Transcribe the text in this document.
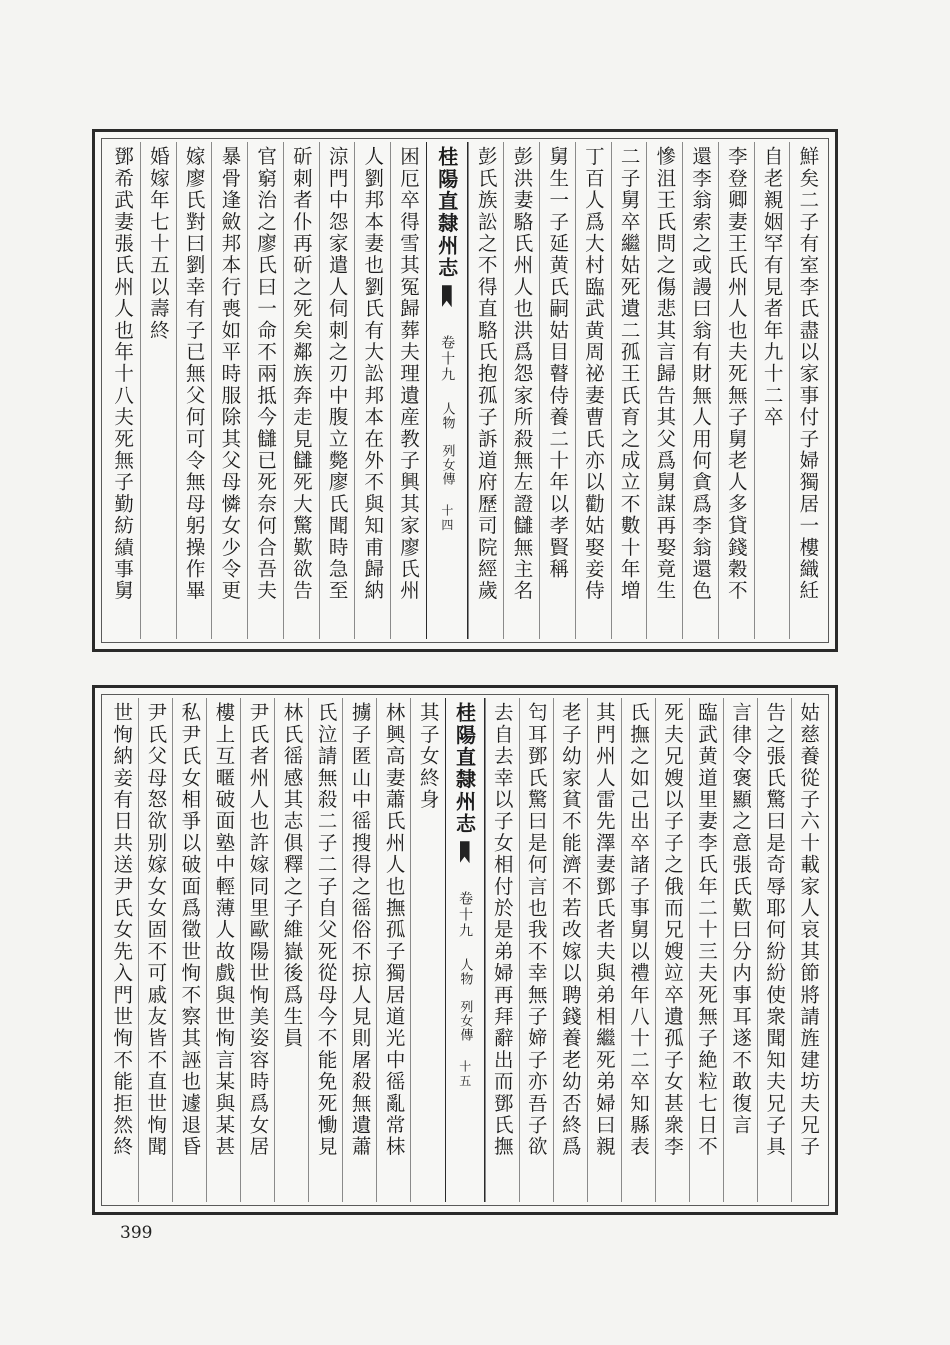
鮮矣二子有室李氏盡以家事付子婦獨居一樓織紝
自老親姻罕有見者年九十二卒
李登卿妻王氏州人也夫死無子舅老人多貸錢穀不
還李翁索之或謾曰翁有財無人用何貪爲李翁還色
慘沮王氏問之傷悲其言歸告其父爲舅謀再娶竟生
二子舅卒繼姑死遺二孤王氏育之成立不數十年増
丁百人爲大村臨武黄周祕妻曹氏亦以勸姑娶妾侍
舅生一子延黄氏嗣姑目瞽侍養二十年以孝賢稱
彭洪妻駱氏州人也洪爲怨家所殺無左證讎無主名
彭氏族訟之不得直駱氏抱孤子訴道府歷司院經歲
桂陽直隸州志
卷十九
人物　列女傳
十四
困厄卒得雪其冤歸葬夫理遺産教子興其家廖氏州
人劉邦本妻也劉氏有大訟邦本在外不與知甫歸納
涼門中怨家遣人伺刺之刃中腹立斃廖氏聞時急至
斫刺者仆再斫之死矣鄰族奔走見讎死大驚歎欲告
官窮治之廖氏曰一命不兩抵今讎已死奈何合吾夫
暴骨逢斂邦本行喪如平時服除其父母憐女少令更
嫁廖氏對曰劉幸有子已無父何可令無母躬操作畢
婚嫁年七十五以壽終
鄧希武妻張氏州人也年十八夫死無子勤紡績事舅
姑慈養從子六十載家人哀其節將請旌建坊夫兄子
告之張氏驚曰是奇辱耶何紛紛使衆聞知夫兄子具
言律令褒顯之意張氏歎曰分内事耳遂不敢復言
臨武黄道里妻李氏年二十三夫死無子絶粒七日不
死夫兄嫂以子子之俄而兄嫂竝卒遺孤子女甚衆李
氏撫之如己出卒諸子事舅以禮年八十二卒知縣表
其門州人雷先澤妻鄧氏者夫與弟相繼死弟婦曰親
老子幼家貧不能濟不若改嫁以聘錢養老幼否終爲
匄耳鄧氏驚曰是何言也我不幸無子媂子亦吾子欲
去自去幸以子女相付於是弟婦再拜辭出而鄧氏撫
桂陽直隸州志
卷十九
人物　列女傳
十五
其子女終身
林興高妻蕭氏州人也撫孤子獨居道光中徭亂常枺
擄子匿山中徭搜得之徭俗不掠人見則屠殺無遺蕭
氏泣請無殺二子二子自父死從母今不能免死慟見
林氏徭感其志俱釋之子維嶽後爲生員
尹氏者州人也許嫁同里歐陽世恂美姿容時爲女居
樓上互暱破面塾中輕薄人故戲與世恂言某與某甚
私尹氏女相爭以破面爲徵世恂不察其誣也遽退昏
尹氏父母怒欲别嫁女女固不可戚友皆不直世恂聞
世恂納妾有日共送尹氏女先入門世恂不能拒然終
399
